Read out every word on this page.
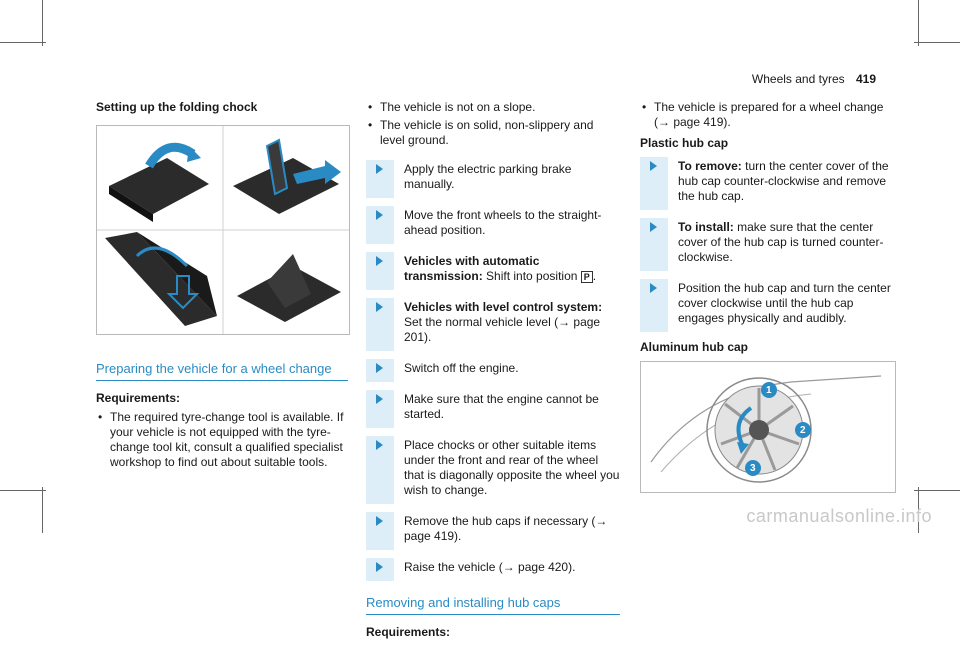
Wheels and tyres 419
Setting up the folding chock
Preparing the vehicle for a wheel change
Requirements:
• The required tyre-change tool is available. If your vehicle is not equipped with the tyre-change tool kit, consult a qualified specialist workshop to find out about suitable tools.
• The vehicle is not on a slope.
• The vehicle is on solid, non-slippery and level ground.
Apply the electric parking brake manually.
Move the front wheels to the straight-ahead position.
Vehicles with automatic transmission: Shift into position P .
Vehicles with level control system: Set the normal vehicle level (→ page 201).
Switch off the engine.
Make sure that the engine cannot be started.
Place chocks or other suitable items under the front and rear of the wheel that is diagonally opposite the wheel you wish to change.
Remove the hub caps if necessary (→ page 419).
Raise the vehicle (→ page 420).
Removing and installing hub caps
Requirements:
• The vehicle is prepared for a wheel change (→ page 419).
Plastic hub cap
To remove: turn the center cover of the hub cap counter-clockwise and remove the hub cap.
To install: make sure that the center cover of the hub cap is turned counter-clockwise.
Position the hub cap and turn the center cover clockwise until the hub cap engages physically and audibly.
Aluminum hub cap
1
2
3
carmanualsonline.info
